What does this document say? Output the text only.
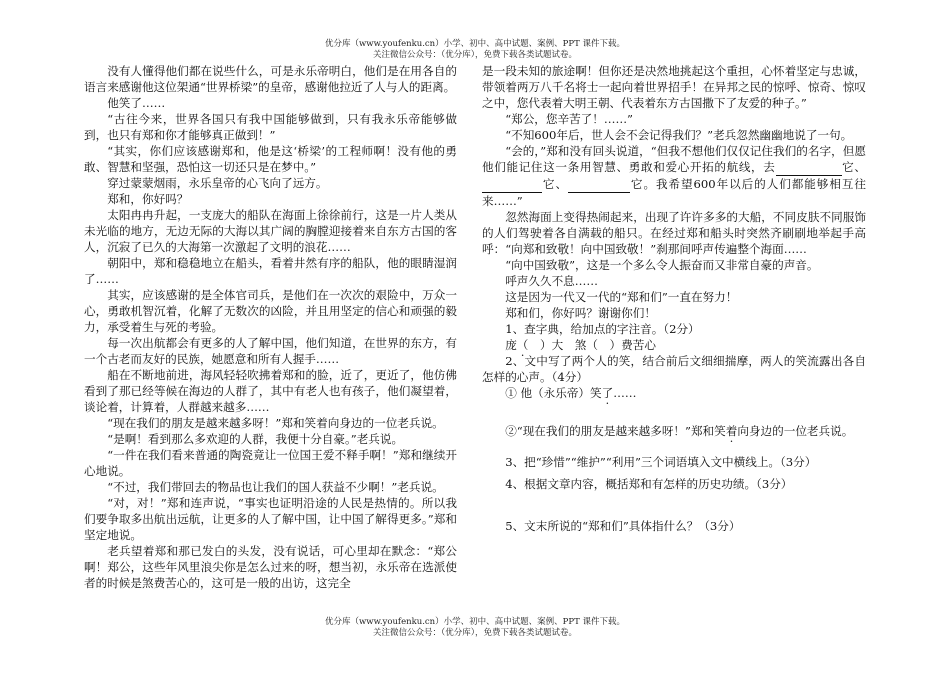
优分库（www.youfenku.cn）小学、初中、高中试题、案例、PPT 课件下载。
关注微信公众号：（优分库），免费下载各类试题试卷。

没有人懂得他们都在说些什么，可是永乐帝明白，他们是在用各自的语言来感谢他这位架通“世界桥梁”的皇帝，感谢他拉近了人与人的距离。

他笑了……

“古往今来，世界各国只有我中国能够做到，只有我永乐帝能够做到，也只有郑和你才能够真正做到！”

“其实，你们应该感谢郑和，他是这‘桥梁’的工程师啊！没有他的勇敢、智慧和坚强，恐怕这一切还只是在梦中。”

穿过蒙蒙烟雨，永乐皇帝的心飞向了远方。

郑和，你好吗？

太阳冉冉升起，一支庞大的船队在海面上徐徐前行，这是一片人类从未光临的地方，无边无际的大海以其广阔的胸膛迎接着来自东方古国的客人，沉寂了已久的大海第一次激起了文明的浪花……

朝阳中，郑和稳稳地立在船头，看着井然有序的船队，他的眼睛湿润了……

其实，应该感谢的是全体官司兵，是他们在一次次的艰险中，万众一心，勇敢机智沉着，化解了无数次的凶险，并且用坚定的信心和顽强的毅力，承受着生与死的考验。

每一次出航都会有更多的人了解中国，他们知道，在世界的东方，有一个古老而友好的民族，她愿意和所有人握手……

船在不断地前进，海风轻轻吹拂着郑和的脸，近了，更近了，他仿佛看到了那已经等候在海边的人群了，其中有老人也有孩子，他们凝望着，谈论着，计算着，人群越来越多……

“现在我们的朋友是越来越多呀！”郑和笑着向身边的一位老兵说。

“是啊！看到那么多欢迎的人群，我便十分自豪。”老兵说。

“一件在我们看来普通的陶瓷竟让一位国王爱不释手啊！”郑和继续开心地说。

“不过，我们带回去的物品也让我们的国人获益不少啊！”老兵说。

“对，对！”郑和连声说，“事实也证明沿途的人民是热情的。所以我们要争取多出航出远航，让更多的人了解中国，让中国了解得更多。”郑和坚定地说。

老兵望着郑和那已发白的头发，没有说话，可心里却在默念：“郑公啊！郑公，这些年风里浪尖你是怎么过来的呀，想当初，永乐帝在选派使者的时候是煞费苦心的，这可是一般的出访，这完全

是一段未知的旅途啊！但你还是决然地挑起这个重担，心怀着坚定与忠诚，带领着两万八千名将士一起向着世界招手！在异邦之民的惊呼、惊奇、惊叹之中，您代表着大明王朝、代表着东方古国撒下了友爱的种子。”

“郑公，您辛苦了！……”

“不知600年后，世人会不会记得我们？”老兵忽然幽幽地说了一句。

“会的，”郑和没有回头说道，“但我不想他们仅仅记住我们的名字，但愿他们能记住这一条用智慧、勇敢和爱心开拓的航线，去	它、它、	它。我希望600年以后的人们都能够相互往来……”

忽然海面上变得热闹起来，出现了许许多多的大船，不同皮肤不同服饰的人们驾驶着各自满载的船只。在经过郑和船头时突然齐刷刷地举起手高呼：“向郑和致敬！向中国致敬！”刹那间呼声传遍整个海面……

“向中国致敬”，这是一个多么令人振奋而又非常自豪的声音。

呼声久久不息……

这是因为一代又一代的“郑和们”一直在努力！

郑和们，你好吗？谢谢你们！

1、查字典，给加点的字注音。（2分）

庞（　）大　煞（　）费苦心

2、文中写了两个人的笑，结合前后文细细揣摩，两人的笑流露出各自怎样的心声。（4分）

① 他（永乐帝）笑了……

②“现在我们的朋友是越来越多呀！”郑和笑着向身边的一位老兵说。

3、把“珍惜”“维护”“利用”三个词语填入文中横线上。（3分）

4、根据文章内容，概括郑和有怎样的历史功绩。（3分）

5、文末所说的“郑和们”具体指什么？（3分）

优分库（www.youfenku.cn）小学、初中、高中试题、案例、PPT 课件下载。
关注微信公众号：（优分库），免费下载各类试题试卷。
